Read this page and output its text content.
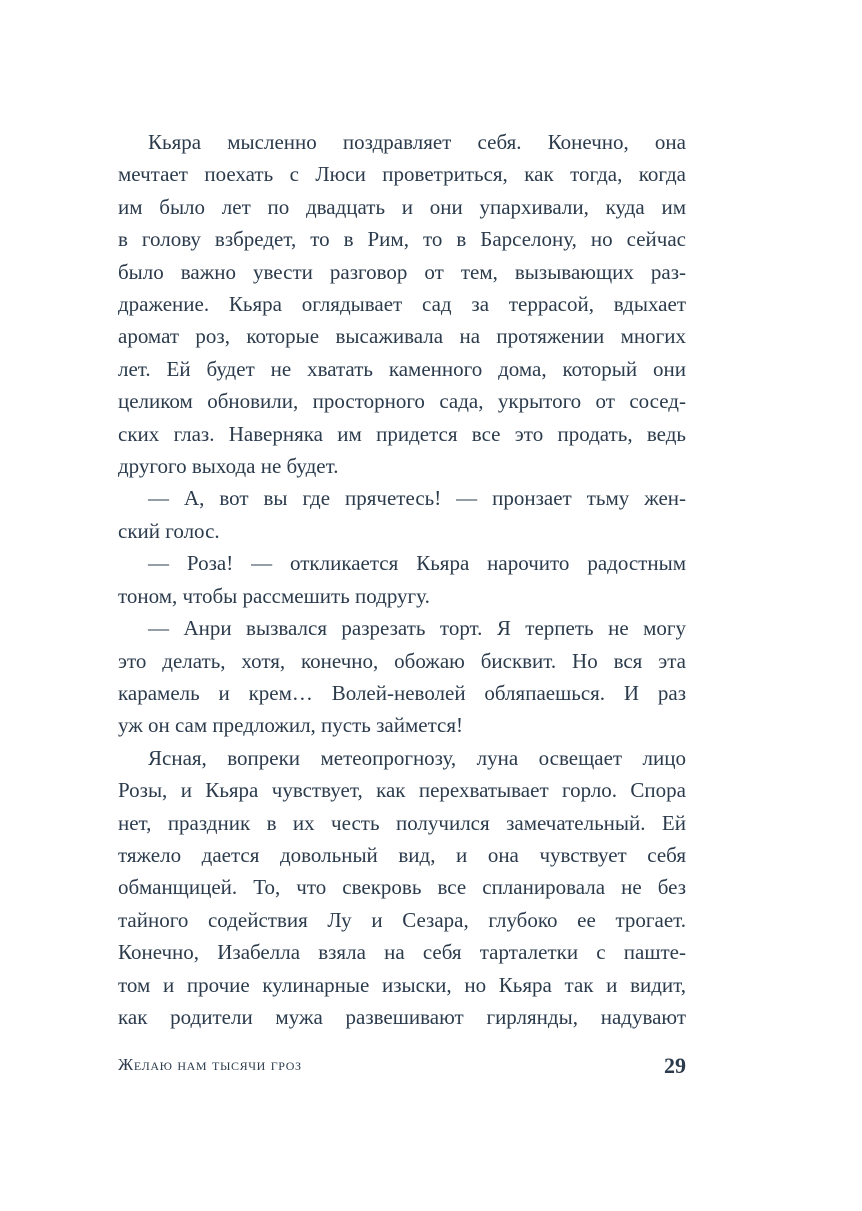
Кьяра мысленно поздравляет себя. Конечно, она
мечтает поехать с Люси проветриться, как тогда, когда
им было лет по двадцать и они упархивали, куда им
в голову взбредет, то в Рим, то в Барселону, но сейчас
было важно увести разговор от тем, вызывающих раз-
дражение. Кьяра оглядывает сад за террасой, вдыхает
аромат роз, которые высаживала на протяжении многих
лет. Ей будет не хватать каменного дома, который они
целиком обновили, просторного сада, укрытого от сосед-
ских глаз. Наверняка им придется все это продать, ведь
другого выхода не будет.
— А, вот вы где прячетесь! — пронзает тьму жен-
ский голос.
— Роза! — откликается Кьяра нарочито радостным
тоном, чтобы рассмешить подругу.
— Анри вызвался разрезать торт. Я терпеть не могу
это делать, хотя, конечно, обожаю бисквит. Но вся эта
карамель и крем… Волей-неволей обляпаешься. И раз
уж он сам предложил, пусть займется!
Ясная, вопреки метеопрогнозу, луна освещает лицо
Розы, и Кьяра чувствует, как перехватывает горло. Спора
нет, праздник в их честь получился замечательный. Ей
тяжело дается довольный вид, и она чувствует себя
обманщицей. То, что свекровь все спланировала не без
тайного содействия Лу и Сезара, глубоко ее трогает.
Конечно, Изабелла взяла на себя тарталетки с пaште-
том и прочие кулинарные изыски, но Кьяра так и видит,
как родители мужа развешивают гирлянды, надувают
Желаю нам тысячи гроз	29
